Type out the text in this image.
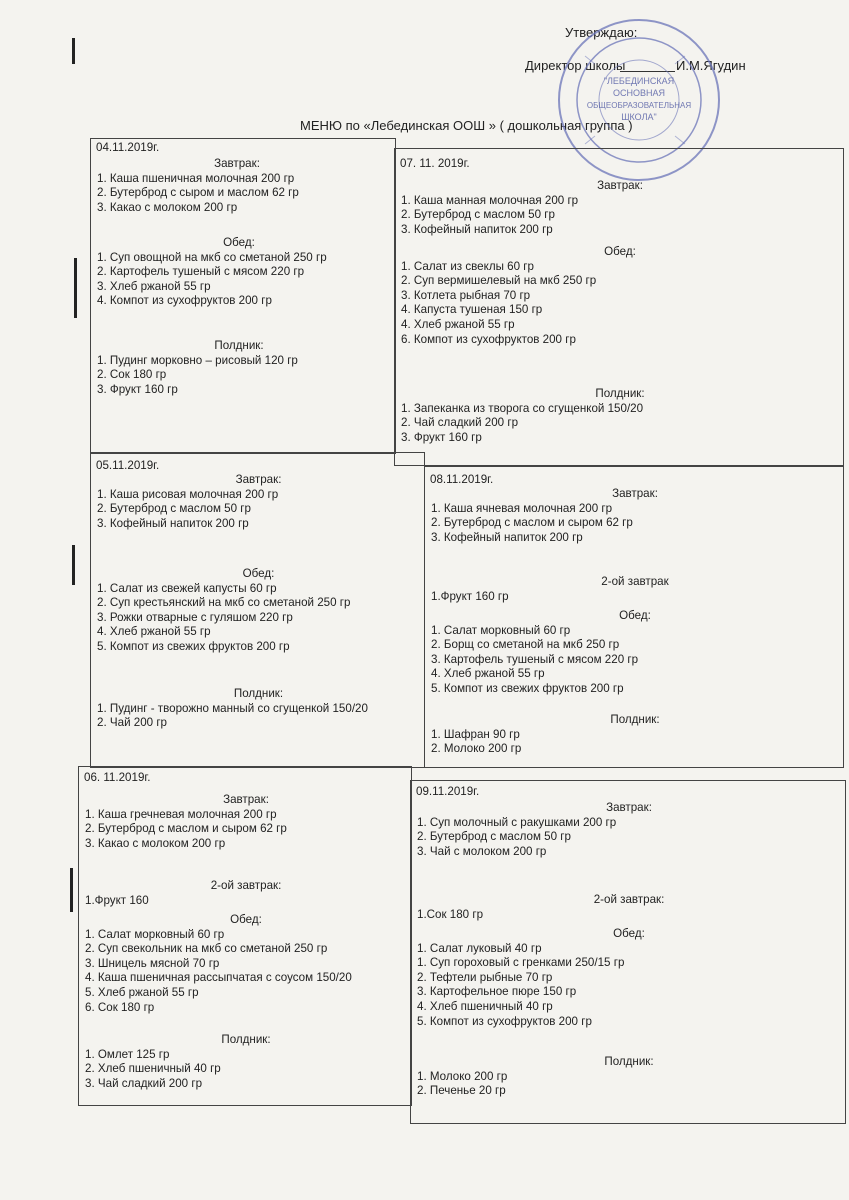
Утверждаю:
Директор школы	И.М.Ягудин
МЕНЮ по «Лебединская ООШ » ( дошкольная группа )
"ЛЕБЕДИНСКАЯ
ОСНОВНАЯ
ОБЩЕОБРАЗОВАТЕЛЬНАЯ
ШКОЛА"
04.11.2019г.
Завтрак:
1. Каша пшеничная молочная 200 гр
2. Бутерброд с сыром и маслом 62 гр
3. Какао с молоком 200 гр
Обед:
1. Суп овощной на мкб со сметаной 250 гр
2. Картофель тушеный с мясом 220 гр
3. Хлеб ржаной 55 гр
4. Компот из сухофруктов 200 гр
Полдник:
1. Пудинг морковно – рисовый 120 гр
2. Сок 180 гр
3. Фрукт 160 гр
07. 11. 2019г.
Завтрак:
1. Каша манная молочная 200 гр
2. Бутерброд с маслом 50 гр
3. Кофейный напиток 200 гр
Обед:
1. Салат из свеклы 60 гр
2. Суп вермишелевый на мкб 250 гр
3. Котлета рыбная 70 гр
4. Капуста тушеная 150 гр
4. Хлеб ржаной 55 гр
6. Компот из сухофруктов 200 гр
Полдник:
1. Запеканка из творога со сгущенкой 150/20
2. Чай сладкий 200 гр
3. Фрукт 160 гр
05.11.2019г.
Завтрак:
1. Каша рисовая молочная 200 гр
2. Бутерброд с маслом 50 гр
3. Кофейный напиток 200 гр
Обед:
1. Салат из свежей капусты 60 гр
2. Суп крестьянский на мкб со сметаной 250 гр
3. Рожки отварные с гуляшом 220 гр
4. Хлеб ржаной 55 гр
5. Компот из свежих фруктов 200 гр
Полдник:
1. Пудинг - творожно манный со сгущенкой 150/20
2. Чай 200 гр
08.11.2019г.
Завтрак:
1. Каша ячневая молочная 200 гр
2. Бутерброд с маслом и сыром 62 гр
3. Кофейный напиток 200 гр
2-ой завтрак
1.Фрукт 160 гр
Обед:
1. Салат морковный 60 гр
2. Борщ со сметаной на мкб 250 гр
3. Картофель тушеный с мясом 220 гр
4. Хлеб ржаной 55 гр
5. Компот из свежих фруктов 200 гр
Полдник:
1. Шафран 90 гр
2. Молоко 200 гр
06. 11.2019г.
Завтрак:
1. Каша гречневая молочная 200 гр
2. Бутерброд с маслом и сыром 62 гр
3. Какао с молоком 200 гр
2-ой завтрак:
1.Фрукт 160
Обед:
1. Салат морковный 60 гр
2. Суп свекольник на мкб со сметаной 250 гр
3. Шницель мясной 70 гр
4. Каша пшеничная рассыпчатая с соусом 150/20
5. Хлеб ржаной 55 гр
6. Сок 180 гр
Полдник:
1. Омлет 125 гр
2. Хлеб пшеничный 40 гр
3. Чай сладкий 200 гр
09.11.2019г.
Завтрак:
1. Суп молочный с ракушками 200 гр
2. Бутерброд с маслом 50 гр
3. Чай с молоком 200 гр
2-ой завтрак:
1.Сок 180 гр
Обед:
1. Салат луковый 40 гр
1. Суп гороховый с гренками 250/15 гр
2. Тефтели рыбные 70 гр
3. Картофельное пюре 150 гр
4. Хлеб пшеничный 40 гр
5. Компот из сухофруктов 200 гр
Полдник:
1. Молоко 200 гр
2. Печенье 20 гр
